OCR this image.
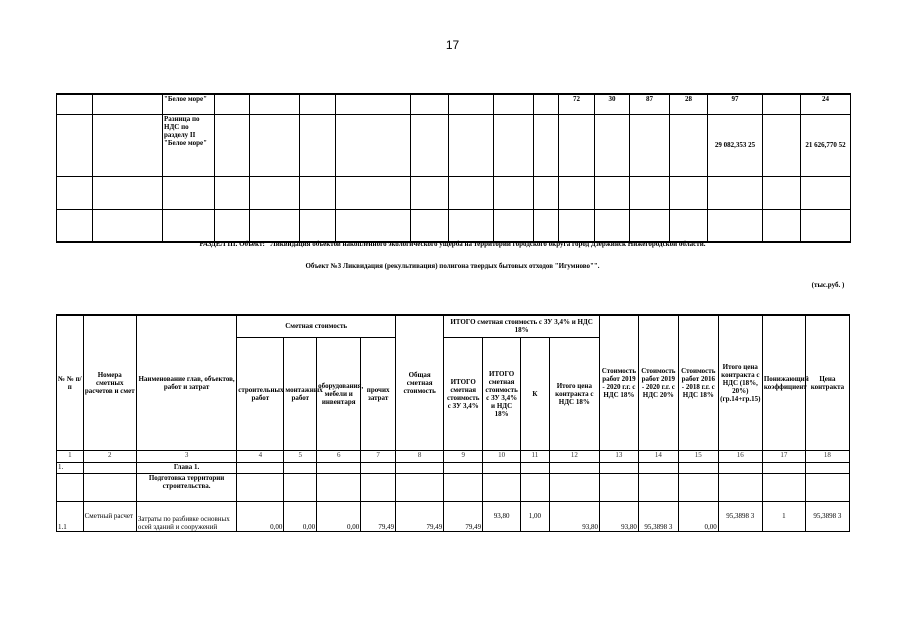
17
		"Белое море"									72	30	87	28	97		24
		Разница по НДС по разделу II "Белое море"													29 082,353 25		21 626,770 52

РАЗДЕЛ III. Объект: "Ликвидация объектов накопленного экологического ущерба на территории городского округа город Дзержинск Нижегородской области.
Объект №3 Ликвидация (рекультивация) полигона твердых бытовых отходов "Игумново"".
(тыс.руб. )
№ № п/п	Номера сметных расчетов и смет	Наименование глав, объектов, работ и затрат	Сметная стоимость				Общая сметная стоимость	ИТОГО сметная стоимость с ЗУ 3,4% и НДС 18%				Стоимость работ 2019 - 2020 г.г. с НДС 18%	Стоимость работ 2019 - 2020 г.г. с НДС 20%	Стоимость работ 2016 - 2018 г.г. с НДС 18%	Итого цена контракта с НДС (18%, 20%) (гр.14+гр.15)	Понижающий коэффициент	Цена контракта
			строительных работ	монтажных работ	оборудования, мебели и инвентаря	прочих затрат		ИТОГО сметная стоимость с ЗУ 3,4%	ИТОГО сметная стоимость с ЗУ 3,4% и НДС 18%	К	Итого цена контракта с НДС 18%						
1	2	3	4	5	6	7	8	9	10	11	12	13	14	15	16	17	18
1.		Глава 1.															
		Подготовка территории строительства.															
1.1	Сметный расчет	Затраты по разбивке основных осей зданий и сооружений	0,00	0,00	0,00	79,49	79,49	79,49	93,80	1,00	93,80	93,80	95,3898 3	0,00	95,3898 3	1	95,3898 3
